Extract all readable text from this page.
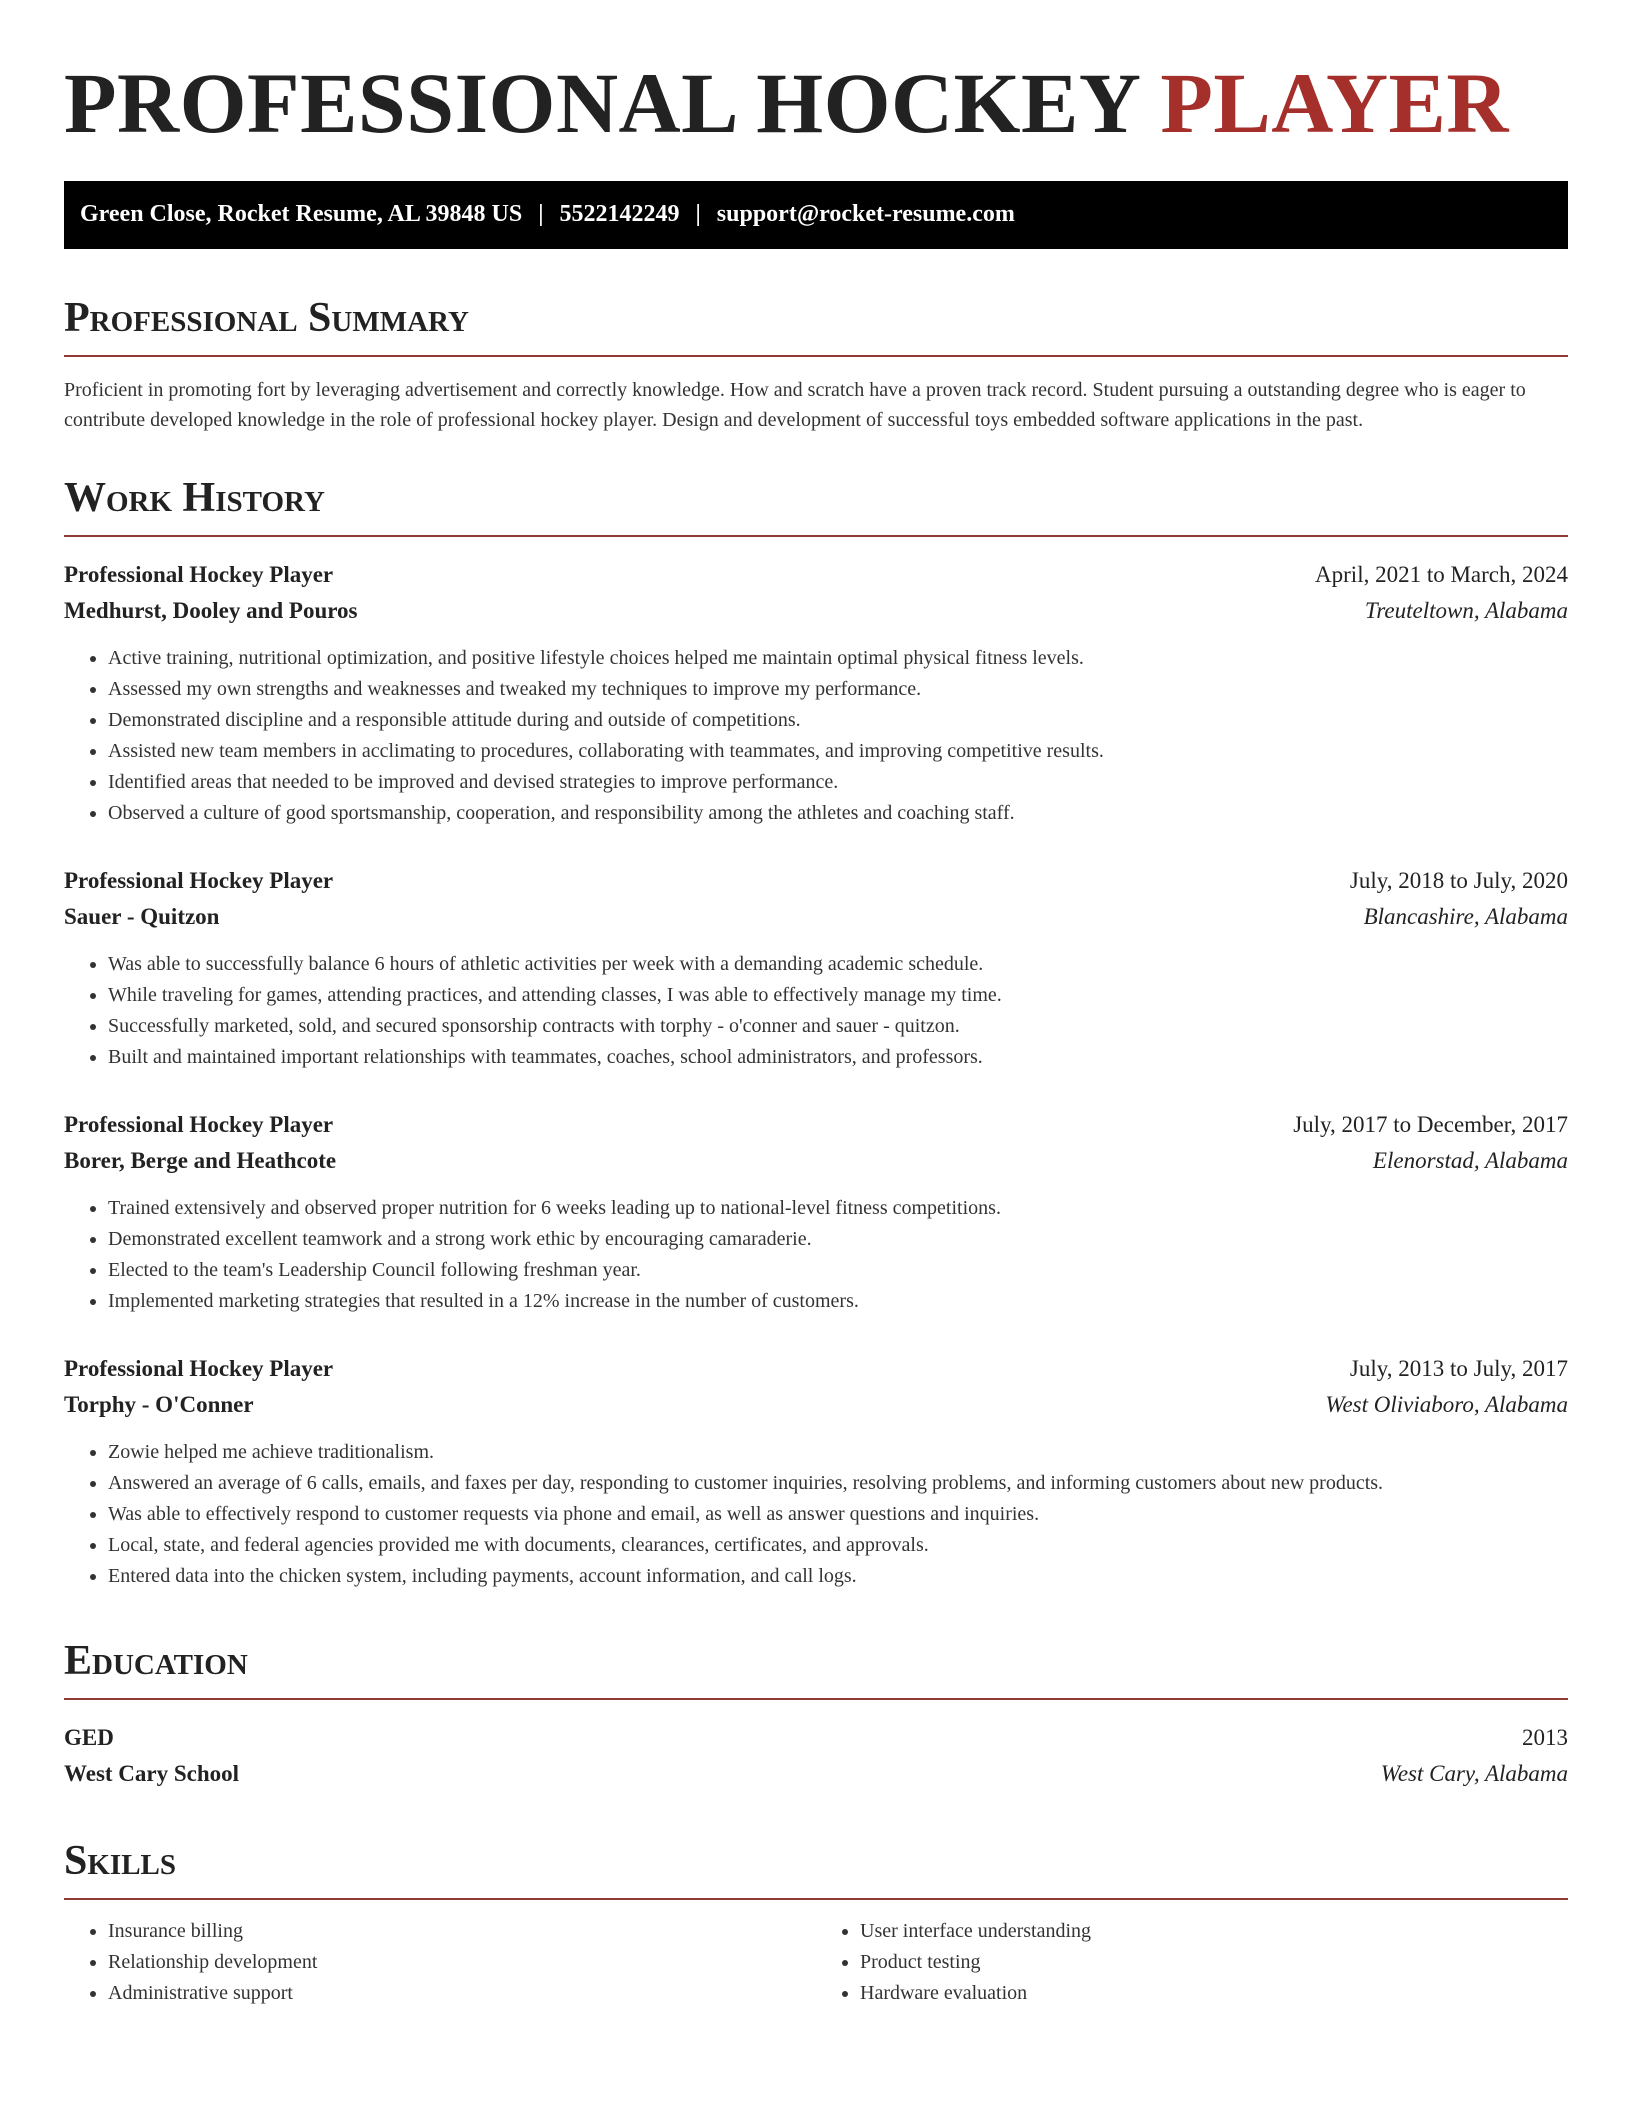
PROFESSIONAL HOCKEY PLAYER
Green Close, Rocket Resume, AL 39848 US | 5522142249 | support@rocket-resume.com
Professional Summary

Proficient in promoting fort by leveraging advertisement and correctly knowledge. How and scratch have a proven track record. Student pursuing a outstanding degree who is eager to contribute developed knowledge in the role of professional hockey player. Design and development of successful toys embedded software applications in the past.

Work History
Professional Hockey Player	April, 2021 to March, 2024
Medhurst, Dooley and Pouros	Treuteltown, Alabama
• Active training, nutritional optimization, and positive lifestyle choices helped me maintain optimal physical fitness levels.
• Assessed my own strengths and weaknesses and tweaked my techniques to improve my performance.
• Demonstrated discipline and a responsible attitude during and outside of competitions.
• Assisted new team members in acclimating to procedures, collaborating with teammates, and improving competitive results.
• Identified areas that needed to be improved and devised strategies to improve performance.
• Observed a culture of good sportsmanship, cooperation, and responsibility among the athletes and coaching staff.
Professional Hockey Player	July, 2018 to July, 2020
Sauer - Quitzon	Blancashire, Alabama
• Was able to successfully balance 6 hours of athletic activities per week with a demanding academic schedule.
• While traveling for games, attending practices, and attending classes, I was able to effectively manage my time.
• Successfully marketed, sold, and secured sponsorship contracts with torphy - o'conner and sauer - quitzon.
• Built and maintained important relationships with teammates, coaches, school administrators, and professors.
Professional Hockey Player	July, 2017 to December, 2017
Borer, Berge and Heathcote	Elenorstad, Alabama
• Trained extensively and observed proper nutrition for 6 weeks leading up to national-level fitness competitions.
• Demonstrated excellent teamwork and a strong work ethic by encouraging camaraderie.
• Elected to the team's Leadership Council following freshman year.
• Implemented marketing strategies that resulted in a 12% increase in the number of customers.
Professional Hockey Player	July, 2013 to July, 2017
Torphy - O'Conner	West Oliviaboro, Alabama
• Zowie helped me achieve traditionalism.
• Answered an average of 6 calls, emails, and faxes per day, responding to customer inquiries, resolving problems, and informing customers about new products.
• Was able to effectively respond to customer requests via phone and email, as well as answer questions and inquiries.
• Local, state, and federal agencies provided me with documents, clearances, certificates, and approvals.
• Entered data into the chicken system, including payments, account information, and call logs.
Education
GED	2013
West Cary School	West Cary, Alabama
Skills
• Insurance billing
• Relationship development
• Administrative support
• User interface understanding
• Product testing
• Hardware evaluation
